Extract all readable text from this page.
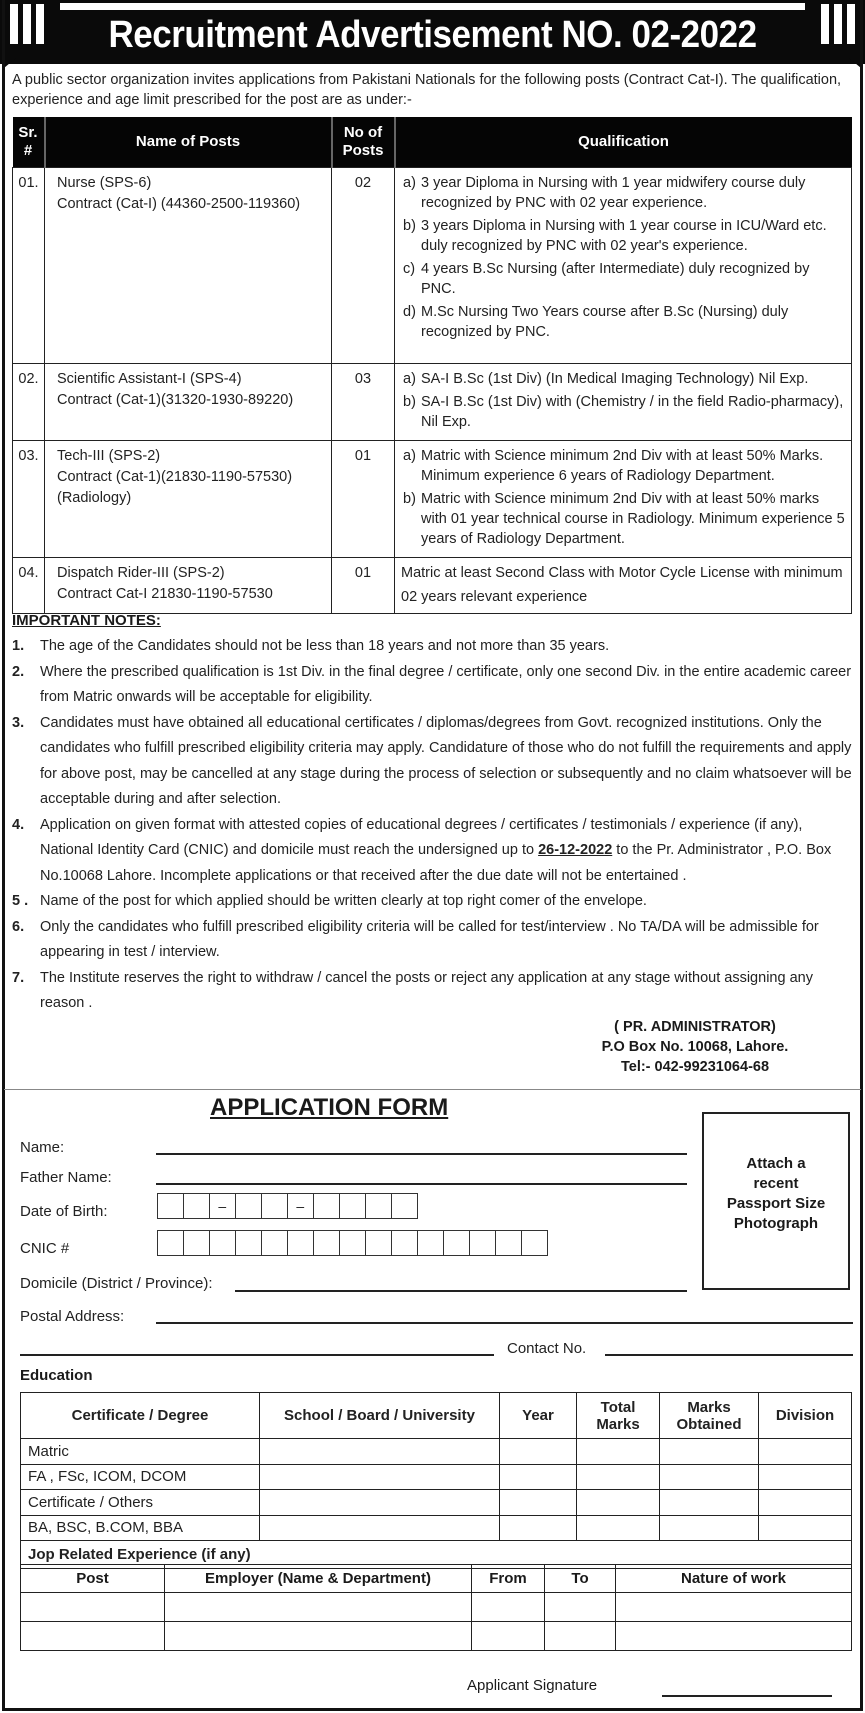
Recruitment Advertisement NO. 02-2022
A public sector organization invites applications from Pakistani Nationals for the following posts (Contract Cat-I). The qualification, experience and age limit prescribed for the post are as under:-
Sr. #	Name of Posts	No of Posts	Qualification
01.	Nurse (SPS-6)
Contract (Cat-I) (44360-2500-119360)
	02	a) 3 year Diploma in Nursing with 1 year midwifery course duly recognized by PNC with 02 year experience.
b) 3 years Diploma in Nursing with 1 year course in ICU/Ward etc. duly recognized by PNC with 02 year's experience.
c) 4 years B.Sc Nursing (after Intermediate) duly recognized by PNC.
d) M.Sc Nursing Two Years course after B.Sc (Nursing) duly recognized by PNC.

02.	Scientific Assistant-I (SPS-4)
Contract (Cat-1)(31320-1930-89220)
	03	a) SA-I B.Sc (1st Div) (In Medical Imaging Technology) Nil Exp.
b) SA-I B.Sc (1st Div) with (Chemistry / in the field Radio-pharmacy), Nil Exp.

03.	Tech-III (SPS-2)
Contract (Cat-1)(21830-1190-57530)
(Radiology)
	01	a) Matric with Science minimum 2nd Div with at least 50% Marks. Minimum experience 6 years of Radiology Department.
b) Matric with Science minimum 2nd Div with at least 50% marks with 01 year technical course in Radiology. Minimum experience 5 years of Radiology Department.

04.	Dispatch Rider-III (SPS-2)
Contract Cat-I 21830-1190-57530
	01	Matric at least Second Class with Motor Cycle License with minimum
02 years relevant experience
IMPORTANT NOTES:
1.	The age of the Candidates should not be less than 18 years and not more than 35 years.
2.	Where the prescribed qualification is 1st Div. in the final degree / certificate, only one second Div. in the entire academic career from Matric onwards will be acceptable for eligibility.
3.	Candidates must have obtained all educational certificates / diplomas/degrees from Govt. recognized institutions. Only the candidates who fulfill prescribed eligibility criteria may apply. Candidature of those who do not fulfill the requirements and apply for above post, may be cancelled at any stage during the process of selection or subsequently and no claim whatsoever will be acceptable during and after selection.
4.	Application on given format with attested copies of educational degrees / certificates / testimonials / experience (if any), National Identity Card (CNIC) and domicile must reach the undersigned up to 26-12-2022 to the Pr. Administrator , P.O. Box No.10068 Lahore. Incomplete applications or that received after the due date will not be entertained .
5 . Name of the post for which applied should be written clearly at top right comer of the envelope.
6.	Only the candidates who fulfill prescribed eligibility criteria will be called for test/interview . No TA/DA will be admissible for appearing in test / interview.
7.	The Institute reserves the right to withdraw / cancel the posts or reject any application at any stage without assigning any reason .
( PR. ADMINISTRATOR)
P.O Box No. 10068, Lahore.
Tel:- 042-99231064-68
APPLICATION FORM
Attach a
recent
Passport Size
Photograph
Name:
Father Name:
Date of Birth:	–	–
CNIC #
Domicile (District / Province):
Postal Address:
Contact No.
Education
Certificate / Degree	School / Board / University	Year	Total Marks	Marks Obtained	Division
Matric					
FA , FSc, ICOM, DCOM					
Certificate / Others					
BA, BSC, B.COM, BBA					
Jop Related Experience (if any)					
Post	Employer (Name & Department)	From	To	Nature of work

Applicant Signature
